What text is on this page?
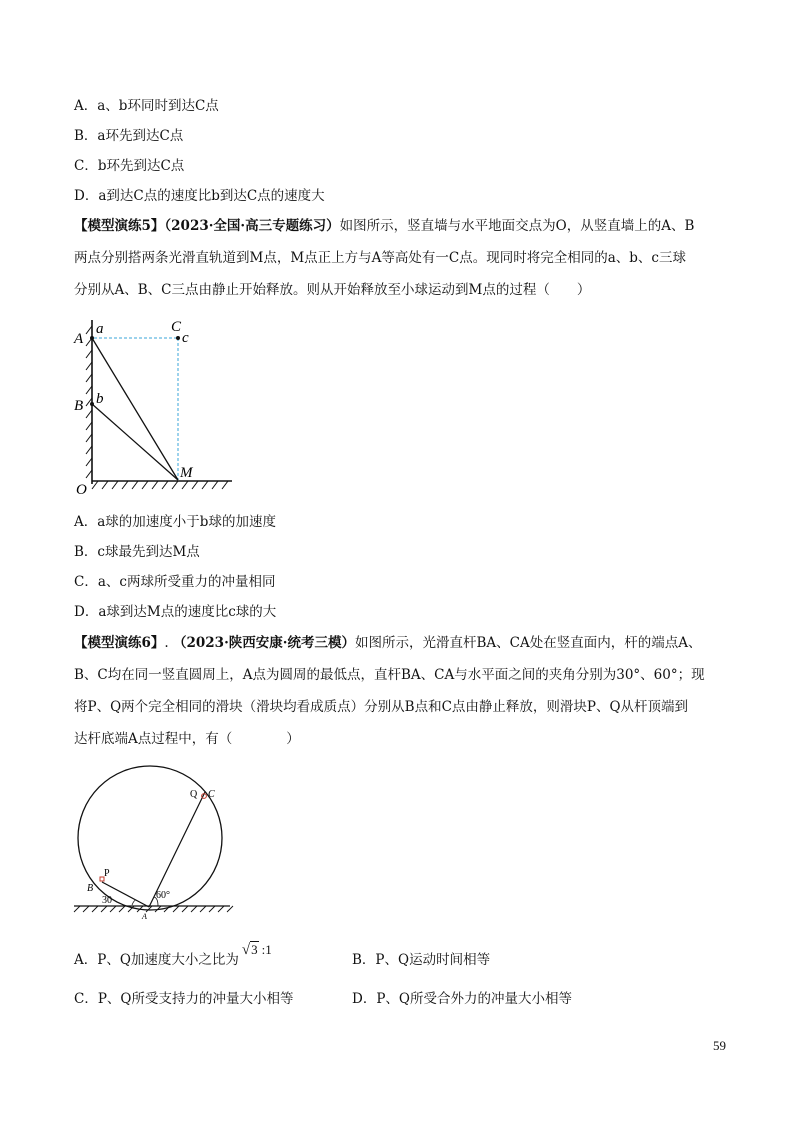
A．a、b环同时到达C点
B．a环先到达C点
C．b环先到达C点
D．a到达C点的速度比b到达C点的速度大
【模型演练5】（2023·全国·高三专题练习）如图所示，竖直墙与水平地面交点为O，从竖直墙上的A、B
两点分别搭两条光滑直轨道到M点，M点正上方与A等高处有一C点。现同时将完全相同的a、b、c三球
分别从A、B、C三点由静止开始释放。则从开始释放至小球运动到M点的过程（　　）
A
a
B b
C
c
M
O
A．a球的加速度小于b球的加速度
B．c球最先到达M点
C．a、c两球所受重力的冲量相同
D．a球到达M点的速度比c球的大
【模型演练6】. （2023·陕西安康·统考三模）如图所示，光滑直杆BA、CA处在竖直面内，杆的端点A、
B、C均在同一竖直圆周上，A点为圆周的最低点，直杆BA、CA与水平面之间的夹角分别为30°、60°；现
将P、Q两个完全相同的滑块（滑块均看成质点）分别从B点和C点由静止释放，则滑块P、Q从杆顶端到
达杆底端A点过程中，有（　　　　）
Q C
P
B
30	60°
A
A．P、Q加速度大小之比为√3 :1
B．P、Q运动时间相等
C．P、Q所受支持力的冲量大小相等	D．P、Q所受合外力的冲量大小相等
59
